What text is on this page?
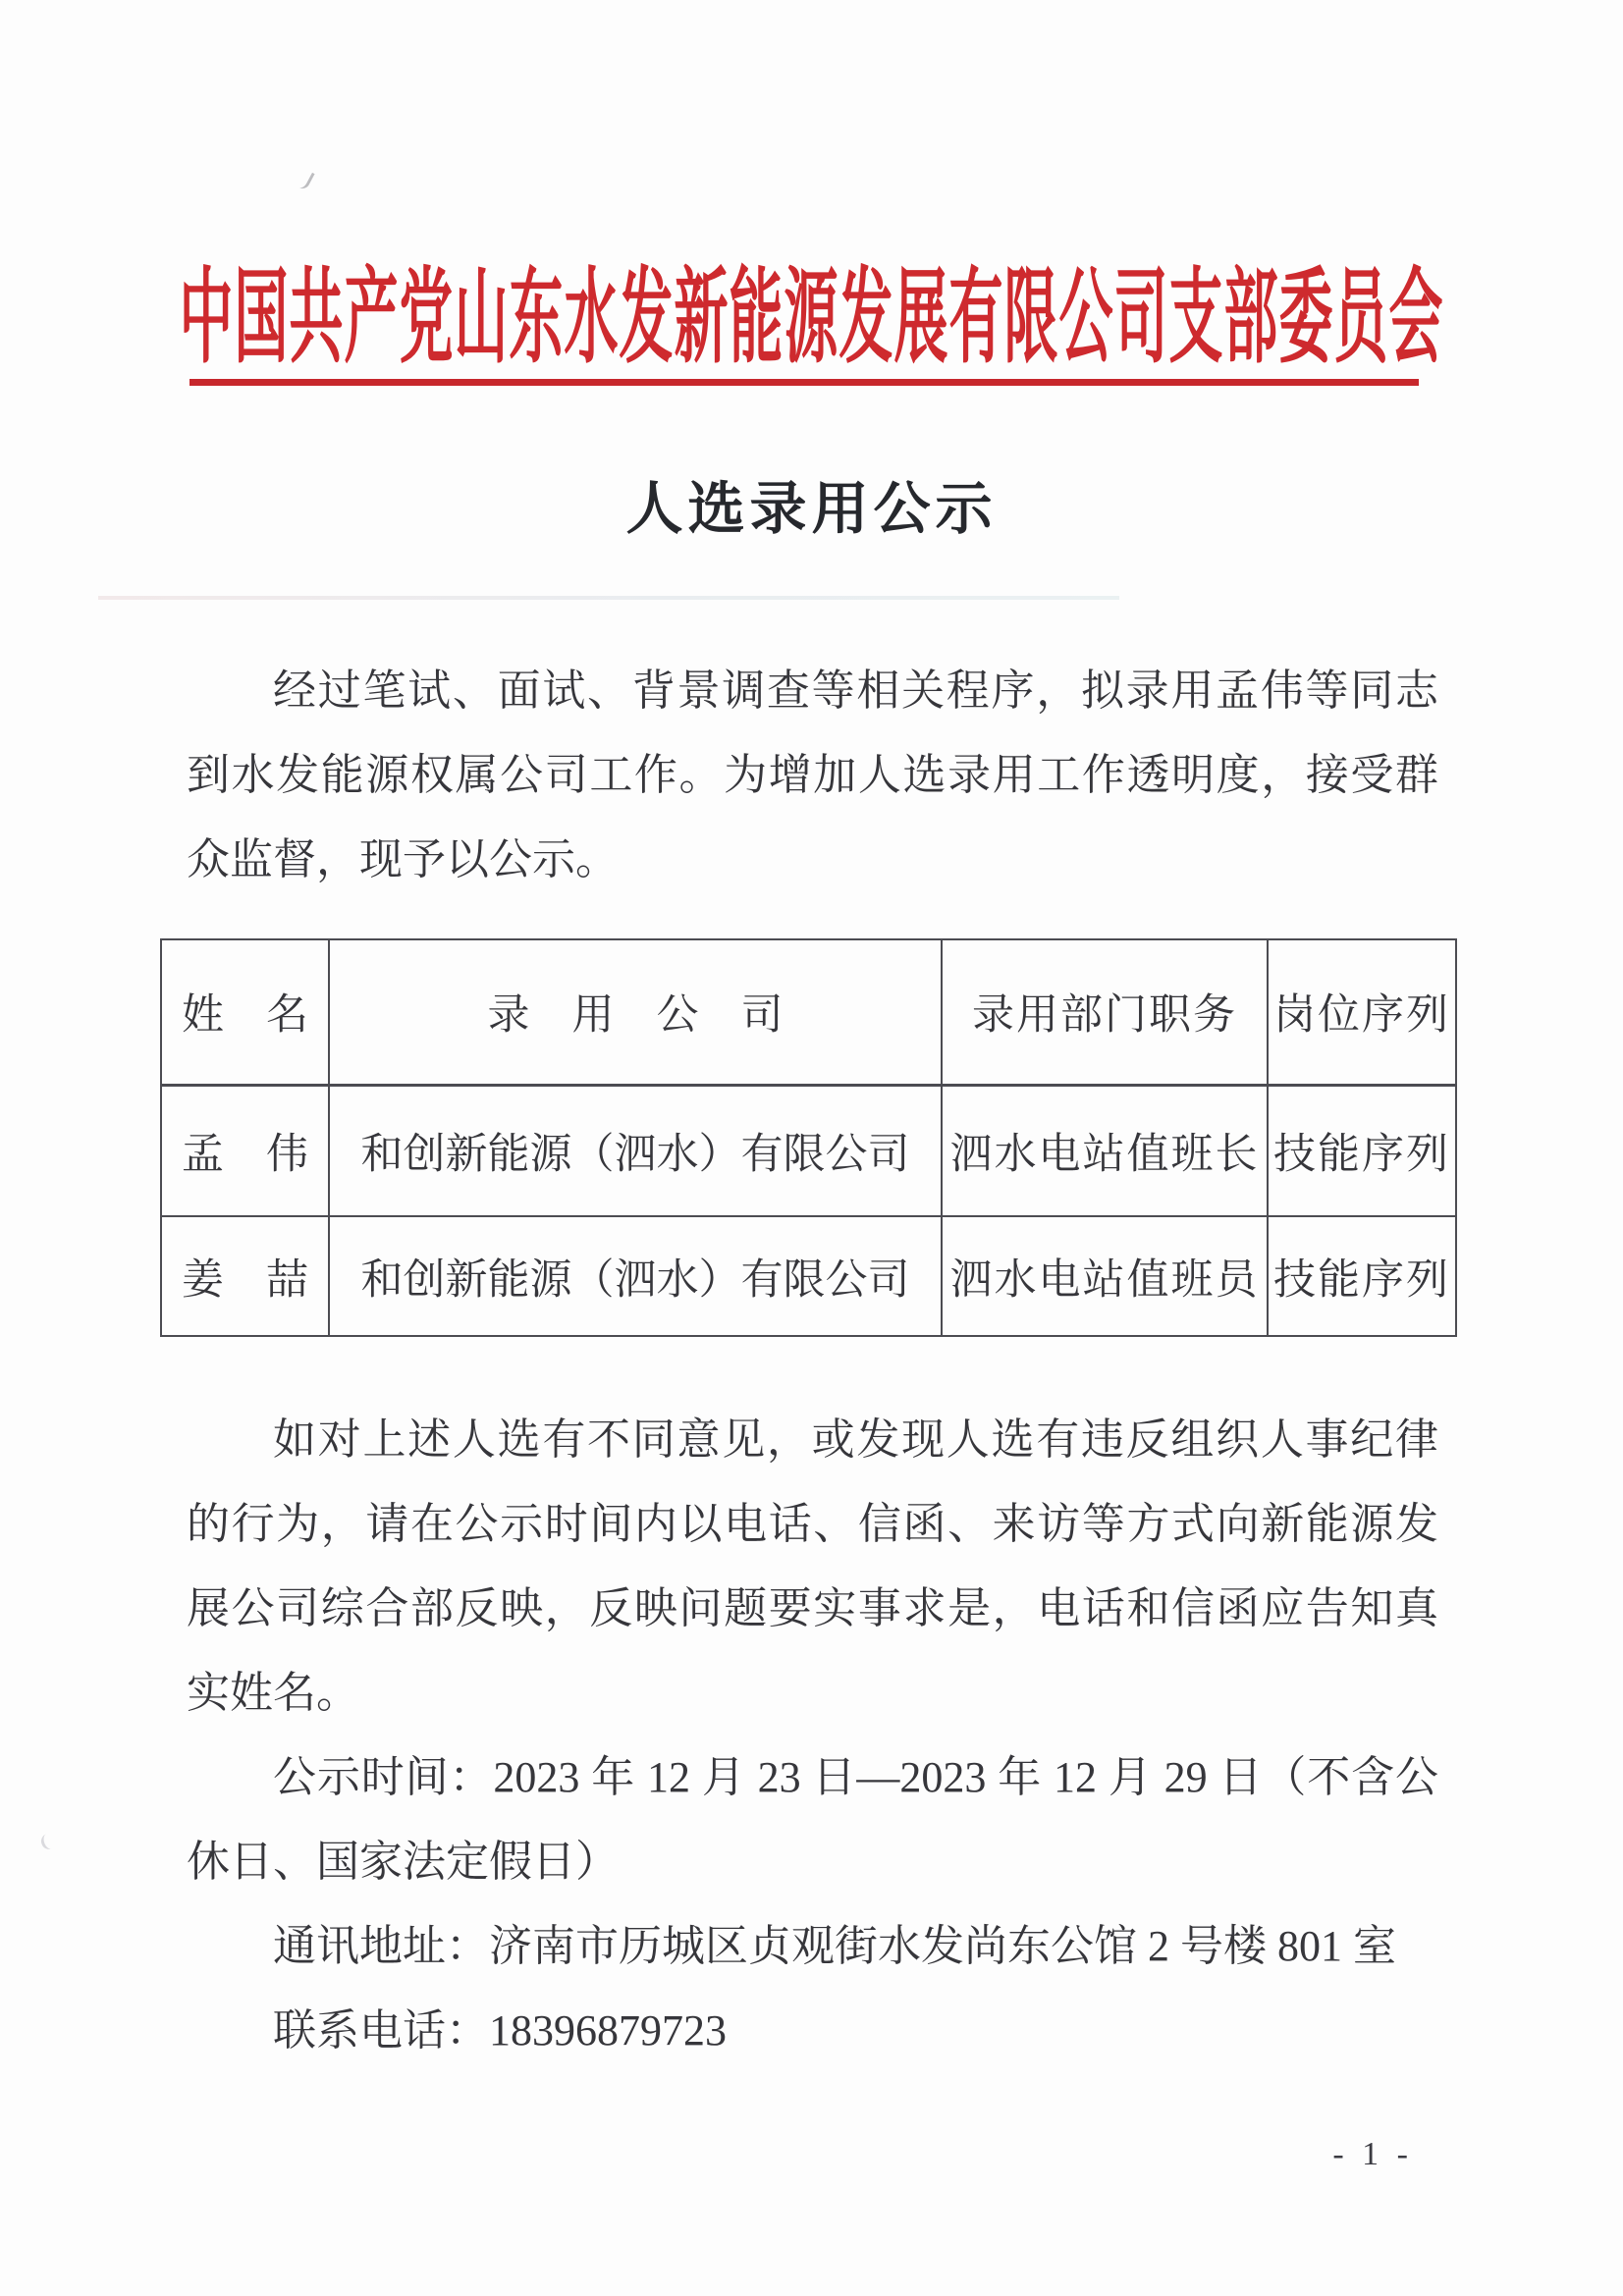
中国共产党山东水发新能源发展有限公司支部委员会
人选录用公示

经过笔试、面试、背景调查等相关程序，拟录用孟伟等同志

到水发能源权属公司工作。为增加人选录用工作透明度，接受群

众监督，现予以公示。

姓　名	录　用　公　司	录用部门职务	岗位序列
孟　伟	和创新能源（泗水）有限公司	泗水电站值班长	技能序列
姜　喆	和创新能源（泗水）有限公司	泗水电站值班员	技能序列

如对上述人选有不同意见，或发现人选有违反组织人事纪律

的行为，请在公示时间内以电话、信函、来访等方式向新能源发

展公司综合部反映，反映问题要实事求是，电话和信函应告知真

实姓名。

公示时间：2023 年 12 月 23 日—2023 年 12 月 29 日（不含公

休日、国家法定假日）

通讯地址：济南市历城区贞观街水发尚东公馆 2 号楼 801 室

联系电话：18396879723

- 1 -
